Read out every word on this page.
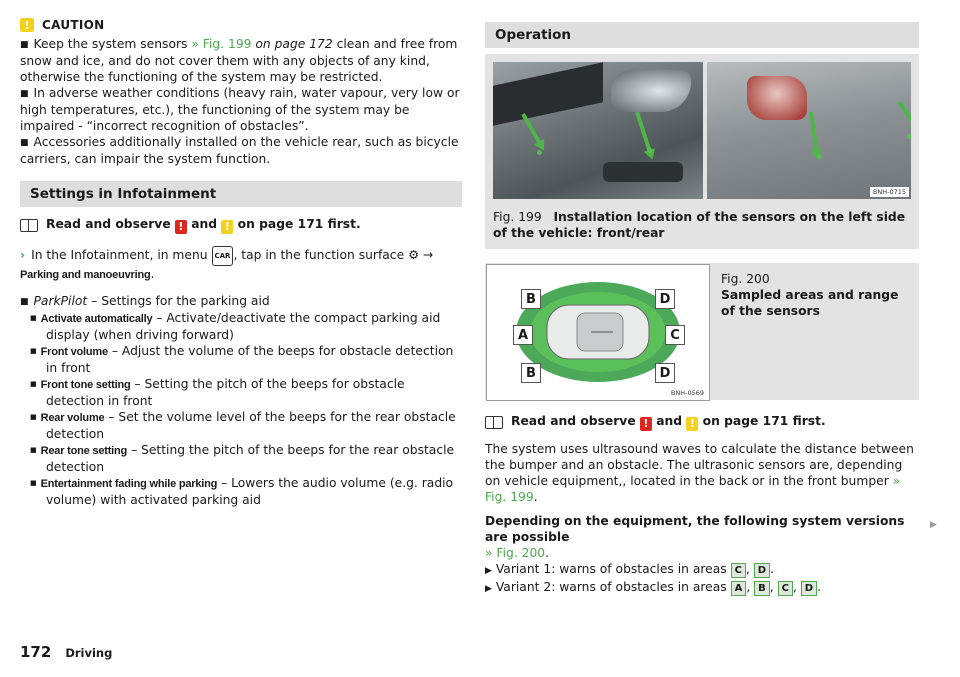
!	CAUTION
■ Keep the system sensors » Fig. 199 on page 172 clean and free from snow and ice, and do not cover them with any objects of any kind, otherwise the functioning of the system may be restricted.
■ In adverse weather conditions (heavy rain, water vapour, very low or high temperatures, etc.), the functioning of the system may be impaired - “incorrect recognition of obstacles”.
■ Accessories additionally installed on the vehicle rear, such as bicycle carriers, can impair the system function.
Settings in Infotainment
Read and observe ! and ! on page 171 first.
› In the Infotainment, in menu CAR , tap in the function surface ⚙ → Parking and manoeuvring.
■ ParkPilot – Settings for the parking aid
■ Activate automatically – Activate/deactivate the compact parking aid display (when driving forward)
■ Front volume – Adjust the volume of the beeps for obstacle detection in front
■ Front tone setting – Setting the pitch of the beeps for obstacle detection in front
■ Rear volume – Set the volume level of the beeps for the rear obstacle detection
■ Rear tone setting – Setting the pitch of the beeps for the rear obstacle detection
■ Entertainment fading while parking – Lowers the audio volume (e.g. radio volume) with activated parking aid
Operation
BNH-0715
Fig. 199 Installation location of the sensors on the left side of the vehicle: front/rear
B	D
A	C
B	D
BNH-0569
Fig. 200
Sampled areas and range of the sensors
Read and observe ! and ! on page 171 first.
The system uses ultrasound waves to calculate the distance between the bumper and an obstacle. The ultrasonic sensors are, depending on vehicle equipment,, located in the back or in the front bumper » Fig. 199.
Depending on the equipment, the following system versions are possible
» Fig. 200.
▶ Variant 1: warns of obstacles in areas C , D .
▶ Variant 2: warns of obstacles in areas A , B , C , D .
▶
172 Driving
